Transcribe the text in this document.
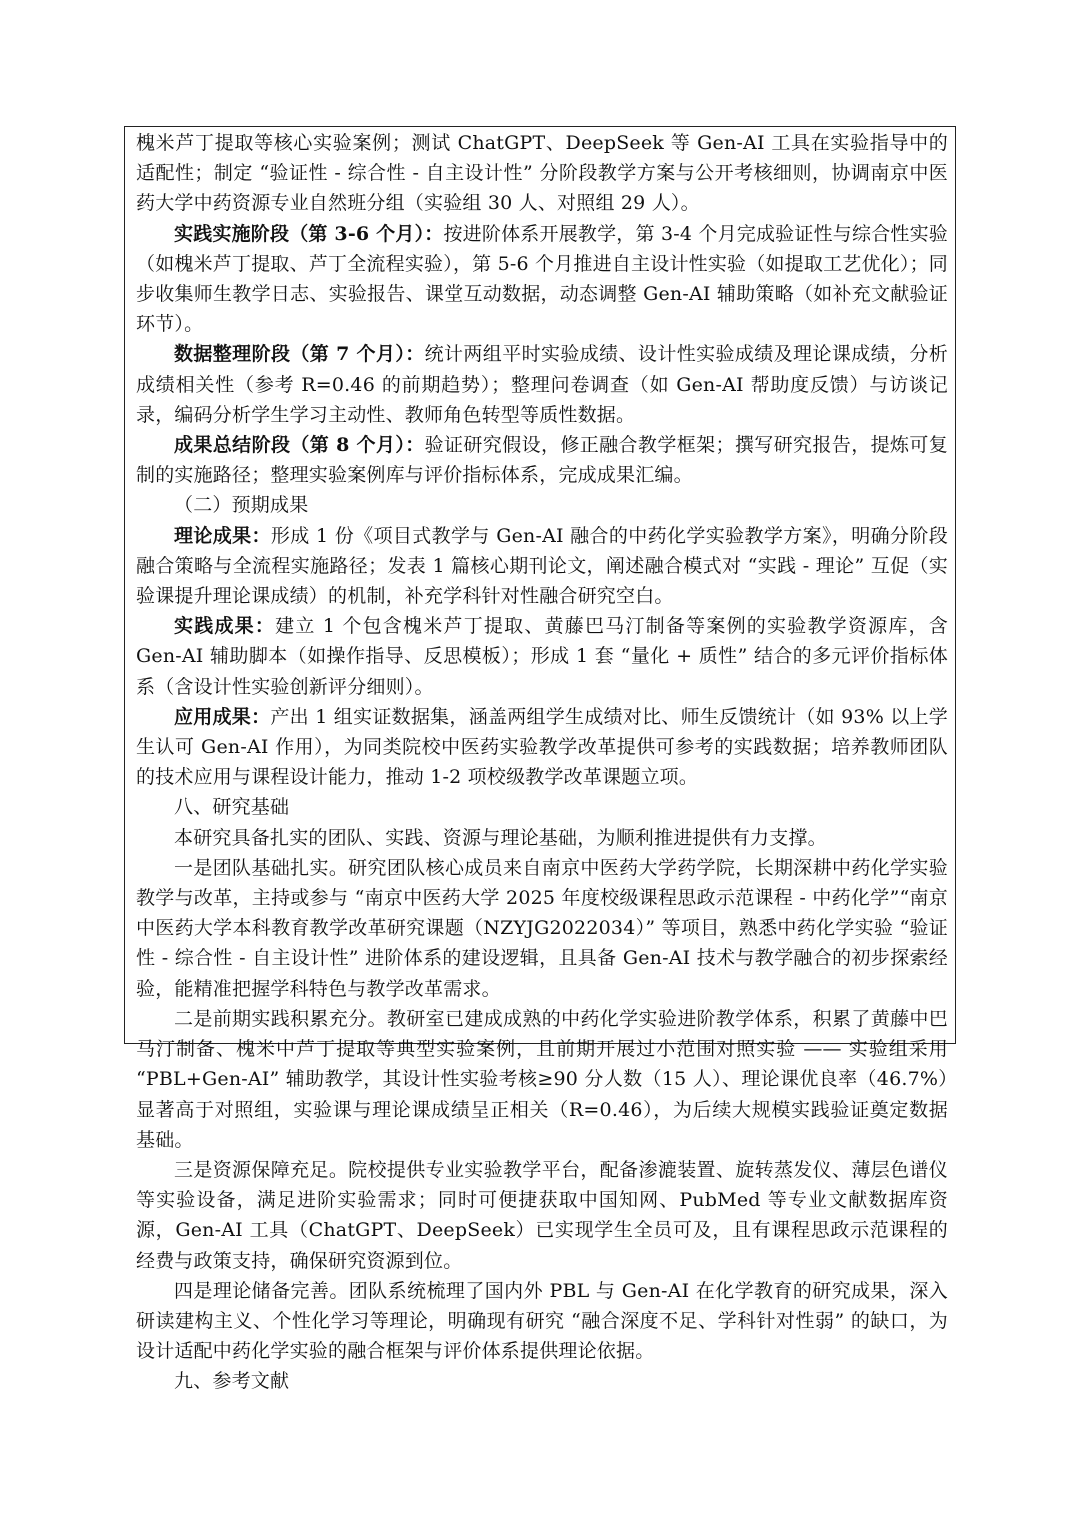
槐米芦丁提取等核心实验案例；测试 ChatGPT、DeepSeek 等 Gen-AI 工具在实验指导中的适配性；制定 “验证性 - 综合性 - 自主设计性” 分阶段教学方案与公开考核细则，协调南京中医药大学中药资源专业自然班分组（实验组 30 人、对照组 29 人）。

实践实施阶段（第 3-6 个月）：按进阶体系开展教学，第 3-4 个月完成验证性与综合性实验（如槐米芦丁提取、芦丁全流程实验），第 5-6 个月推进自主设计性实验（如提取工艺优化）；同步收集师生教学日志、实验报告、课堂互动数据，动态调整 Gen-AI 辅助策略（如补充文献验证环节）。

数据整理阶段（第 7 个月）：统计两组平时实验成绩、设计性实验成绩及理论课成绩，分析成绩相关性（参考 R=0.46 的前期趋势）；整理问卷调查（如 Gen-AI 帮助度反馈）与访谈记录，编码分析学生学习主动性、教师角色转型等质性数据。

成果总结阶段（第 8 个月）：验证研究假设，修正融合教学框架；撰写研究报告，提炼可复制的实施路径；整理实验案例库与评价指标体系，完成成果汇编。

（二）预期成果

理论成果：形成 1 份《项目式教学与 Gen-AI 融合的中药化学实验教学方案》，明确分阶段融合策略与全流程实施路径；发表 1 篇核心期刊论文，阐述融合模式对 “实践 - 理论” 互促（实验课提升理论课成绩）的机制，补充学科针对性融合研究空白。

实践成果：建立 1 个包含槐米芦丁提取、黄藤巴马汀制备等案例的实验教学资源库，含 Gen-AI 辅助脚本（如操作指导、反思模板）；形成 1 套 “量化 + 质性” 结合的多元评价指标体系（含设计性实验创新评分细则）。

应用成果：产出 1 组实证数据集，涵盖两组学生成绩对比、师生反馈统计（如 93% 以上学生认可 Gen-AI 作用），为同类院校中医药实验教学改革提供可参考的实践数据；培养教师团队的技术应用与课程设计能力，推动 1-2 项校级教学改革课题立项。

八、研究基础

本研究具备扎实的团队、实践、资源与理论基础，为顺利推进提供有力支撑。

一是团队基础扎实。研究团队核心成员来自南京中医药大学药学院，长期深耕中药化学实验教学与改革，主持或参与 “南京中医药大学 2025 年度校级课程思政示范课程 - 中药化学”“南京中医药大学本科教育教学改革研究课题（NZYJG2022034）” 等项目，熟悉中药化学实验 “验证性 - 综合性 - 自主设计性” 进阶体系的建设逻辑，且具备 Gen-AI 技术与教学融合的初步探索经验，能精准把握学科特色与教学改革需求。

二是前期实践积累充分。教研室已建成成熟的中药化学实验进阶教学体系，积累了黄藤中巴马汀制备、槐米中芦丁提取等典型实验案例，且前期开展过小范围对照实验 —— 实验组采用 “PBL+Gen-AI” 辅助教学，其设计性实验考核≥90 分人数（15 人）、理论课优良率（46.7%）显著高于对照组，实验课与理论课成绩呈正相关（R=0.46），为后续大规模实践验证奠定数据基础。

三是资源保障充足。院校提供专业实验教学平台，配备渗漉装置、旋转蒸发仪、薄层色谱仪等实验设备，满足进阶实验需求；同时可便捷获取中国知网、PubMed 等专业文献数据库资源，Gen-AI 工具（ChatGPT、DeepSeek）已实现学生全员可及，且有课程思政示范课程的经费与政策支持，确保研究资源到位。

四是理论储备完善。团队系统梳理了国内外 PBL 与 Gen-AI 在化学教育的研究成果，深入研读建构主义、个性化学习等理论，明确现有研究 “融合深度不足、学科针对性弱” 的缺口，为设计适配中药化学实验的融合框架与评价体系提供理论依据。

九、参考文献
